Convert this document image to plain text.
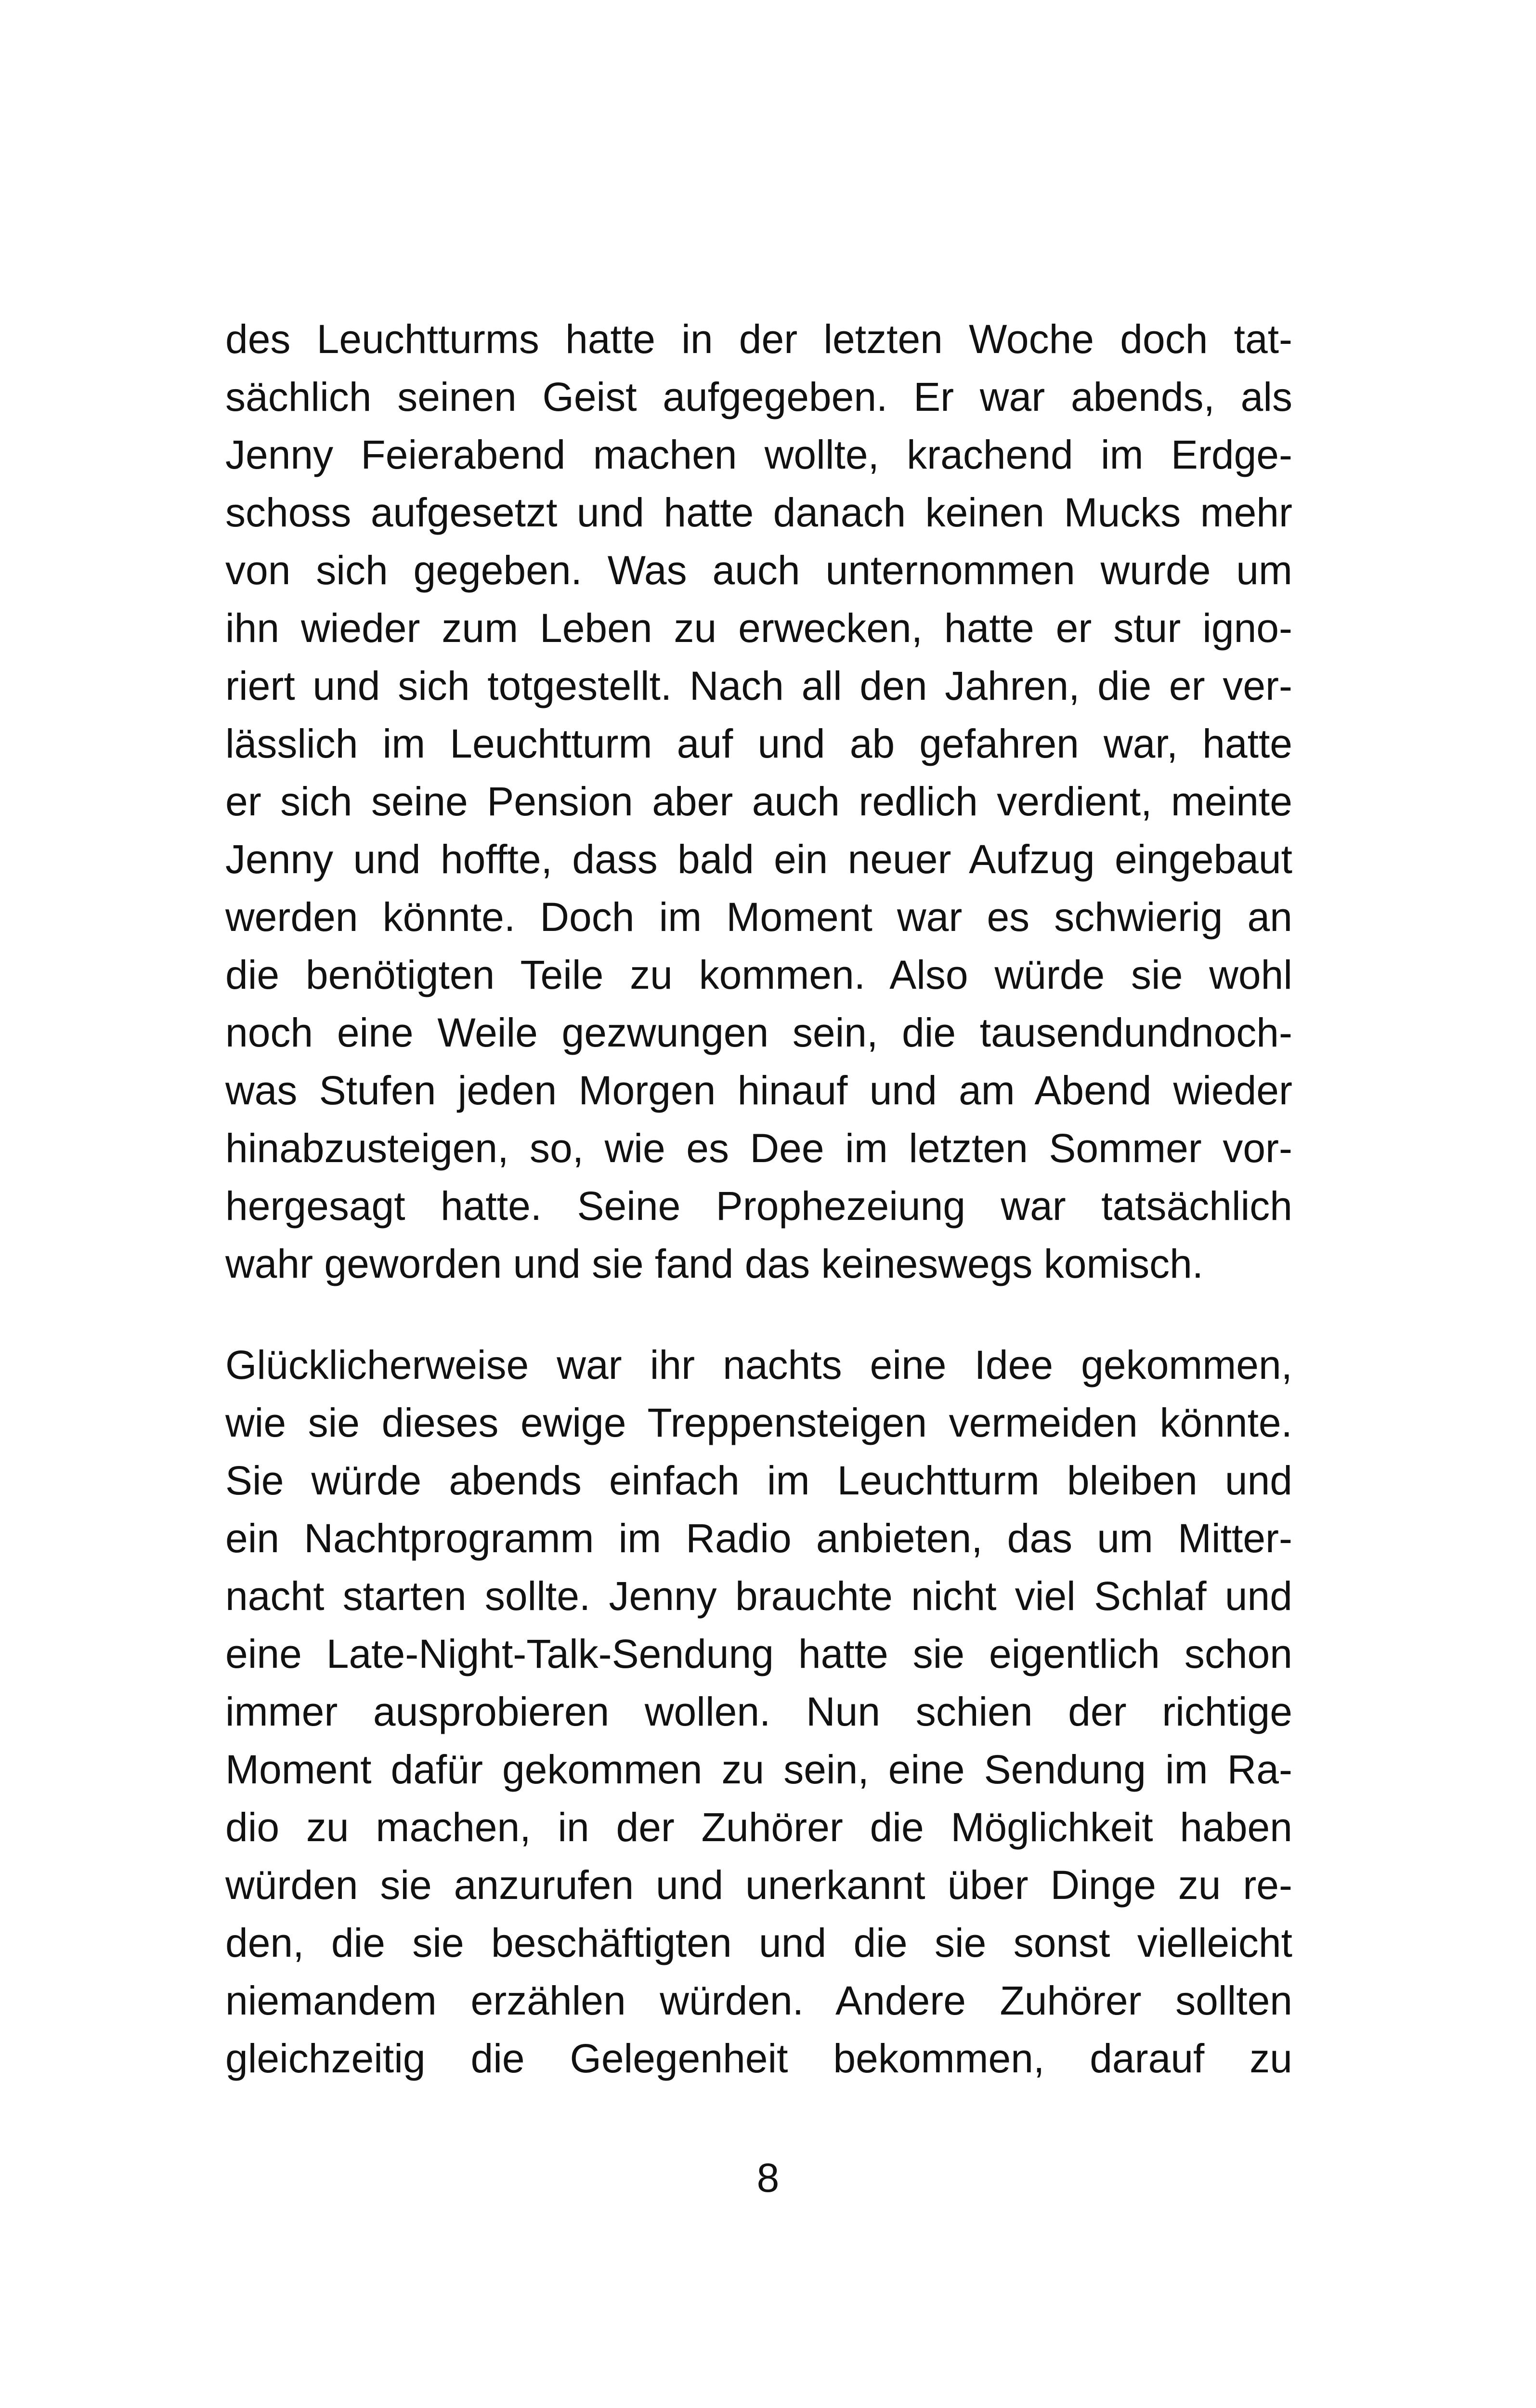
des Leuchtturms hatte in der letzten Woche doch tat-
sächlich seinen Geist aufgegeben. Er war abends, als
Jenny Feierabend machen wollte, krachend im Erdge-
schoss aufgesetzt und hatte danach keinen Mucks mehr
von sich gegeben. Was auch unternommen wurde um
ihn wieder zum Leben zu erwecken, hatte er stur igno-
riert und sich totgestellt. Nach all den Jahren, die er ver-
lässlich im Leuchtturm auf und ab gefahren war, hatte
er sich seine Pension aber auch redlich verdient, meinte
Jenny und hoffte, dass bald ein neuer Aufzug eingebaut
werden könnte. Doch im Moment war es schwierig an
die benötigten Teile zu kommen. Also würde sie wohl
noch eine Weile gezwungen sein, die tausendundnoch-
was Stufen jeden Morgen hinauf und am Abend wieder
hinabzusteigen, so, wie es Dee im letzten Sommer vor-
hergesagt hatte. Seine Prophezeiung war tatsächlich
wahr geworden und sie fand das keineswegs komisch.
Glücklicherweise war ihr nachts eine Idee gekommen,
wie sie dieses ewige Treppensteigen vermeiden könnte.
Sie würde abends einfach im Leuchtturm bleiben und
ein Nachtprogramm im Radio anbieten, das um Mitter-
nacht starten sollte. Jenny brauchte nicht viel Schlaf und
eine Late-Night-Talk-Sendung hatte sie eigentlich schon
immer ausprobieren wollen. Nun schien der richtige
Moment dafür gekommen zu sein, eine Sendung im Ra-
dio zu machen, in der Zuhörer die Möglichkeit haben
würden sie anzurufen und unerkannt über Dinge zu re-
den, die sie beschäftigten und die sie sonst vielleicht
niemandem erzählen würden. Andere Zuhörer sollten
gleichzeitig die Gelegenheit bekommen, darauf zu
8
